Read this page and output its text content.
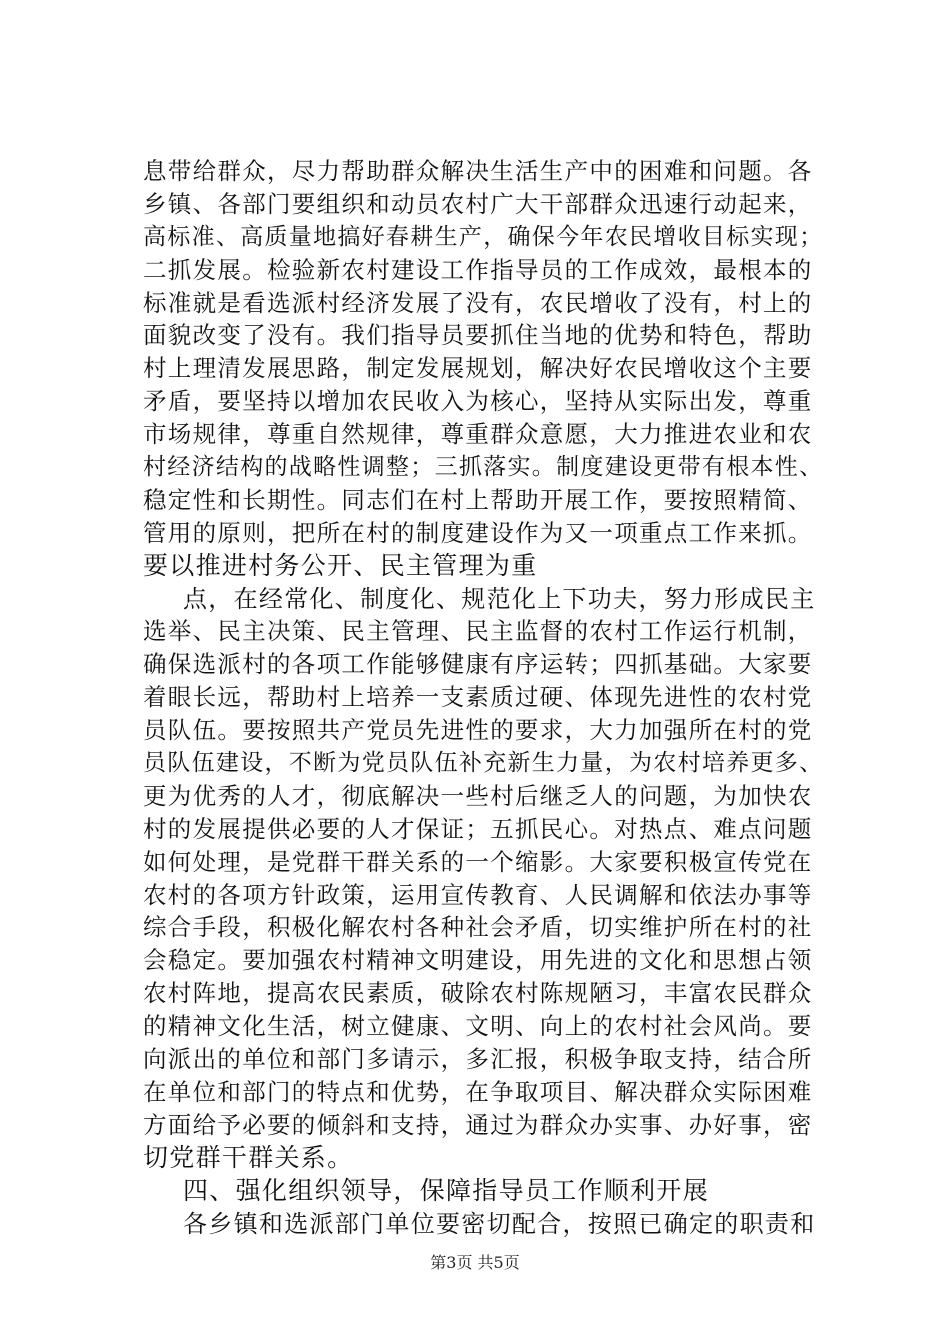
息带给群众，尽力帮助群众解决生活生产中的困难和问题。各
乡镇、各部门要组织和动员农村广大干部群众迅速行动起来，
高标准、高质量地搞好春耕生产，确保今年农民增收目标实现；
二抓发展。检验新农村建设工作指导员的工作成效，最根本的
标准就是看选派村经济发展了没有，农民增收了没有，村上的
面貌改变了没有。我们指导员要抓住当地的优势和特色，帮助
村上理清发展思路，制定发展规划，解决好农民增收这个主要
矛盾，要坚持以增加农民收入为核心，坚持从实际出发，尊重
市场规律，尊重自然规律，尊重群众意愿，大力推进农业和农
村经济结构的战略性调整；三抓落实。制度建设更带有根本性、
稳定性和长期性。同志们在村上帮助开展工作，要按照精简、
管用的原则，把所在村的制度建设作为又一项重点工作来抓。
要以推进村务公开、民主管理为重
点，在经常化、制度化、规范化上下功夫，努力形成民主
选举、民主决策、民主管理、民主监督的农村工作运行机制，
确保选派村的各项工作能够健康有序运转；四抓基础。大家要
着眼长远，帮助村上培养一支素质过硬、体现先进性的农村党
员队伍。要按照共产党员先进性的要求，大力加强所在村的党
员队伍建设，不断为党员队伍补充新生力量，为农村培养更多、
更为优秀的人才，彻底解决一些村后继乏人的问题，为加快农
村的发展提供必要的人才保证；五抓民心。对热点、难点问题
如何处理，是党群干群关系的一个缩影。大家要积极宣传党在
农村的各项方针政策，运用宣传教育、人民调解和依法办事等
综合手段，积极化解农村各种社会矛盾，切实维护所在村的社
会稳定。要加强农村精神文明建设，用先进的文化和思想占领
农村阵地，提高农民素质，破除农村陈规陋习，丰富农民群众
的精神文化生活，树立健康、文明、向上的农村社会风尚。要
向派出的单位和部门多请示，多汇报，积极争取支持，结合所
在单位和部门的特点和优势，在争取项目、解决群众实际困难
方面给予必要的倾斜和支持，通过为群众办实事、办好事，密
切党群干群关系。
四、强化组织领导，保障指导员工作顺利开展
各乡镇和选派部门单位要密切配合，按照已确定的职责和
第3页 共5页
